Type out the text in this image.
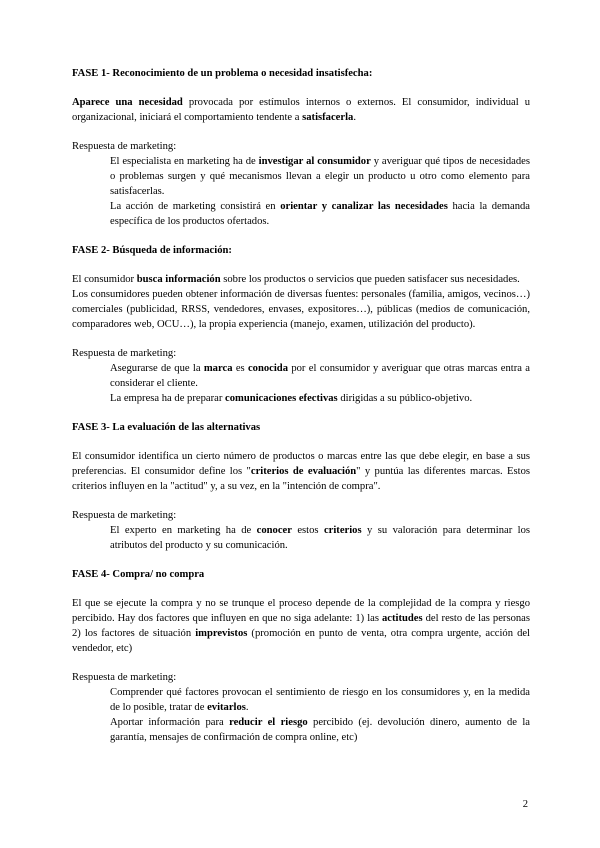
FASE 1- Reconocimiento de un problema o necesidad insatisfecha:

Aparece una necesidad provocada por estímulos internos o externos. El consumidor, individual u organizacional, iniciará el comportamiento tendente a satisfacerla.

Respuesta de marketing:

El especialista en marketing ha de investigar al consumidor y averiguar qué tipos de necesidades o problemas surgen y qué mecanismos llevan a elegir un producto u otro como elemento para satisfacerlas.

La acción de marketing consistirá en orientar y canalizar las necesidades hacia la demanda específica de los productos ofertados.

FASE 2- Búsqueda de información:

El consumidor busca información sobre los productos o servicios que pueden satisfacer sus necesidades.

Los consumidores pueden obtener información de diversas fuentes: personales (familia, amigos, vecinos…) comerciales (publicidad, RRSS, vendedores, envases, expositores…), públicas (medios de comunicación, comparadores web, OCU…), la propia experiencia (manejo, examen, utilización del producto).

Respuesta de marketing:

Asegurarse de que la marca es conocida por el consumidor y averiguar que otras marcas entra a considerar el cliente.

La empresa ha de preparar comunicaciones efectivas dirigidas a su público-objetivo.

FASE 3- La evaluación de las alternativas

El consumidor identifica un cierto número de productos o marcas entre las que debe elegir, en base a sus preferencias. El consumidor define los "criterios de evaluación" y puntúa las diferentes marcas. Estos criterios influyen en la "actitud" y, a su vez, en la "intención de compra".

Respuesta de marketing:

El experto en marketing ha de conocer estos criterios y su valoración para determinar los atributos del producto y su comunicación.

FASE 4- Compra/ no compra

El que se ejecute la compra y no se trunque el proceso depende de la complejidad de la compra y riesgo percibido. Hay dos factores que influyen en que no siga adelante: 1) las actitudes del resto de las personas 2) los factores de situación imprevistos (promoción en punto de venta, otra compra urgente, acción del vendedor, etc)

Respuesta de marketing:

Comprender qué factores provocan el sentimiento de riesgo en los consumidores y, en la medida de lo posible, tratar de evitarlos.

Aportar información para reducir el riesgo percibido (ej. devolución dinero, aumento de la garantía, mensajes de confirmación de compra online, etc)

2
